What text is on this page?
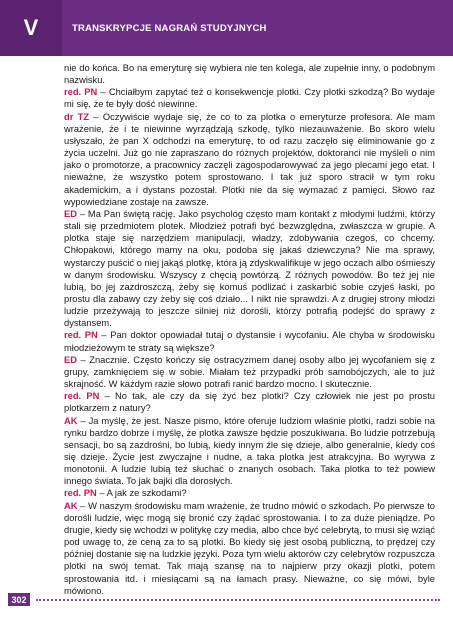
V	TRANSKRYPCJE NAGRAŃ STUDYJNYCH

nie do końca. Bo na emeryturę się wybiera nie ten kolega, ale zupełnie inny, o podobnym nazwisku.

red. PN – Chciałbym zapytać też o konsekwencje plotki. Czy plotki szkodzą? Bo wydaje mi się, że te były dość niewinne.

dr TZ – Oczywiście wydaje się, że co to za plotka o emeryturze profesora. Ale mam wrażenie, że i te niewinne wyrządzają szkodę, tylko niezauważenie. Bo skoro wielu usłyszało, że pan X odchodzi na emeryturę, to od razu zaczęło się eliminowanie go z życia uczelni. Już go nie zapraszano do różnych projektów, doktoranci nie myśleli o nim jako o promotorze, a pracownicy zaczęli zagospodarowywać za jego plecami jego etat. I nieważne, że wszystko potem sprostowano. I tak już sporo stracił w tym roku akademickim, a i dystans pozostał. Plotki nie da się wymazać z pamięci. Słowo raz wypowiedziane zostaje na zawsze.

ED – Ma Pan świętą rację. Jako psycholog często mam kontakt z młodymi ludźmi, którzy stali się przedmiotem plotek. Młodzież potrafi być bezwzględna, zwłaszcza w grupie. A plotka staje się narzędziem manipulacji, władzy, zdobywania czegoś, co chcemy. Chłopakowi, którego mamy na oku, podoba się jakaś dziewczyna? Nie ma sprawy, wystarczy puścić o niej jakąś plotkę, która ją zdyskwalifikuje w jego oczach albo ośmieszy w danym środowisku. Wszyscy z chęcią powtórzą. Z różnych powodów. Bo też jej nie lubią, bo jej zazdroszczą, żeby się komuś podlizać i zaskarbić sobie czyjeś łaski, po prostu dla zabawy czy żeby się coś działo... I nikt nie sprawdzi. A z drugiej strony młodzi ludzie przeżywają to jeszcze silniej niż dorośli, którzy potrafią podejść do sprawy z dystansem.

red. PN – Pan doktor opowiadał tutaj o dystansie i wycofaniu. Ale chyba w środowisku młodzieżowym te straty są większe?

ED – Znacznie. Często kończy się ostracyzmem danej osoby albo jej wycofaniem się z grupy, zamknięciem się w sobie. Miałam też przypadki prób samobójczych, ale to już skrajność. W każdym razie słowo potrafi ranić bardzo mocno. I skutecznie.

red. PN – No tak, ale czy da się żyć bez plotki? Czy człowiek nie jest po prostu plotkarzem z natury?

AK – Ja myślę, że jest. Nasze pismo, które oferuje ludziom właśnie plotki, radzi sobie na rynku bardzo dobrze i myślę, że plotka zawsze będzie poszukiwana. Bo ludzie potrzebują sensacji, bo są zazdrośni, bo lubią, kiedy innym źle się dzieje, albo generalnie, kiedy coś się dzieje. Życie jest zwyczajne i nudne, a taka plotka jest atrakcyjna. Bo wyrywa z monotonii. A ludzie lubią też słuchać o znanych osobach. Taka plotka to też powiew innego świata. To jak bajki dla dorosłych.

red. PN – A jak ze szkodami?

AK – W naszym środowisku mam wrażenie, że trudno mówić o szkodach. Po pierwsze to dorośli ludzie, więc mogą się bronić czy żądać sprostowania. I to za duże pieniądze. Po drugie, kiedy się wchodzi w politykę czy media, albo chce być celebrytą, to musi się wziąć pod uwagę to, że ceną za to są plotki. Bo kiedy się jest osobą publiczną, to prędzej czy później dostanie się na ludzkie języki. Poza tym wielu aktorów czy celebrytów rozpuszcza plotki na swój temat. Tak mają szansę na to najpierw przy okazji plotki, potem sprostowania itd. i miesiącami są na łamach prasy. Nieważne, co się mówi, byle mówiono.

302
